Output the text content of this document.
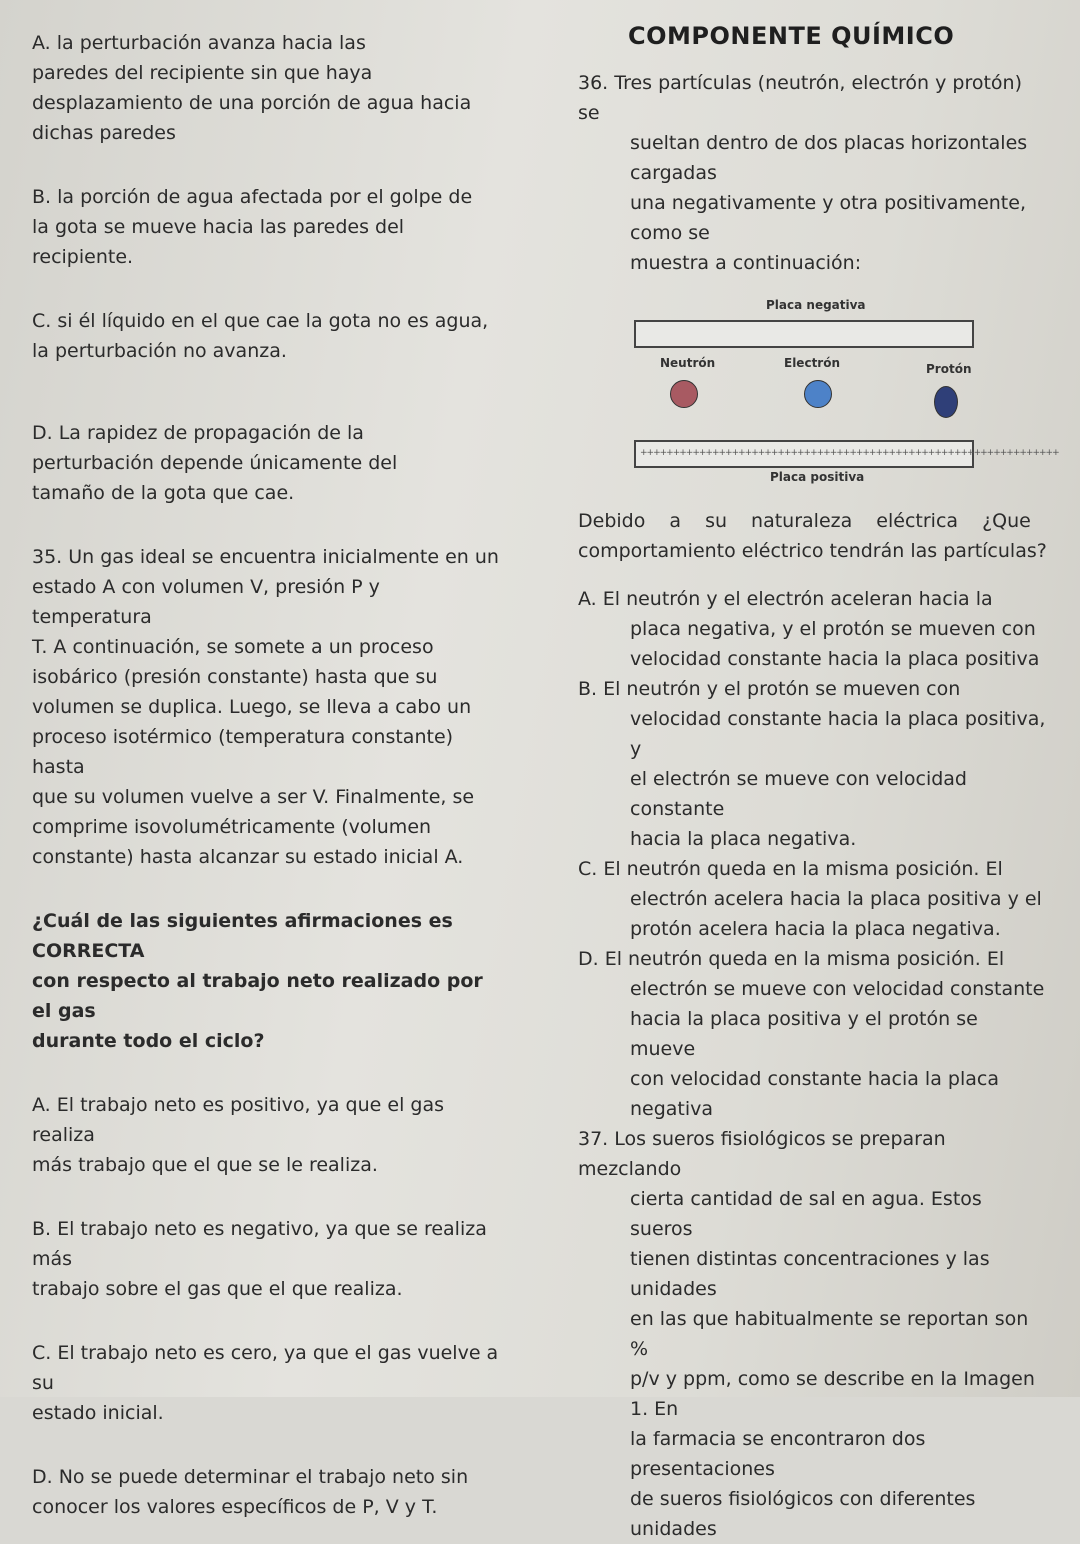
A. la perturbación avanza hacia las

paredes del recipiente sin que haya

desplazamiento de una porción de agua hacia

dichas paredes

B. la porción de agua afectada por el golpe de

la gota se mueve hacia las paredes del

recipiente.

C. si él líquido en el que cae la gota no es agua,

la perturbación no avanza.

D. La rapidez de propagación de la

perturbación depende únicamente del

tamaño de la gota que cae.

35. Un gas ideal se encuentra inicialmente en un

estado A con volumen V, presión P y temperatura

T. A continuación, se somete a un proceso

isobárico (presión constante) hasta que su

volumen se duplica. Luego, se lleva a cabo un

proceso isotérmico (temperatura constante) hasta

que su volumen vuelve a ser V. Finalmente, se

comprime isovolumétricamente (volumen

constante) hasta alcanzar su estado inicial A.

¿Cuál de las siguientes afirmaciones es CORRECTA

con respecto al trabajo neto realizado por el gas

durante todo el ciclo?

A. El trabajo neto es positivo, ya que el gas realiza

más trabajo que el que se le realiza.

B. El trabajo neto es negativo, ya que se realiza más

trabajo sobre el gas que el que realiza.

C. El trabajo neto es cero, ya que el gas vuelve a su

estado inicial.

D. No se puede determinar el trabajo neto sin

conocer los valores específicos de P, V y T.

COMPONENTE QUÍMICO

36. Tres partículas (neutrón, electrón y protón) se

sueltan dentro de dos placas horizontales cargadas

una negativamente y otra positivamente, como se

muestra a continuación:

Placa negativa
Neutrón	Electrón	Protón
++++++++++++++++++++++++++++++++++++++++++++++++++++++++++++++++
Placa positiva

Debido a su naturaleza eléctrica ¿Que

comportamiento eléctrico tendrán las partículas?

A. El neutrón y el electrón aceleran hacia la

placa negativa, y el protón se mueven con

velocidad constante hacia la placa positiva

B. El neutrón y el protón se mueven con

velocidad constante hacia la placa positiva, y

el electrón se mueve con velocidad constante

hacia la placa negativa.

C. El neutrón queda en la misma posición. El

electrón acelera hacia la placa positiva y el

protón acelera hacia la placa negativa.

D. El neutrón queda en la misma posición. El

electrón se mueve con velocidad constante

hacia la placa positiva y el protón se mueve

con velocidad constante hacia la placa

negativa

37. Los sueros fisiológicos se preparan mezclando

cierta cantidad de sal en agua. Estos sueros

tienen distintas concentraciones y las unidades

en las que habitualmente se reportan son %

p/v y ppm, como se describe en la Imagen 1. En

la farmacia se encontraron dos presentaciones

de sueros fisiológicos con diferentes unidades
